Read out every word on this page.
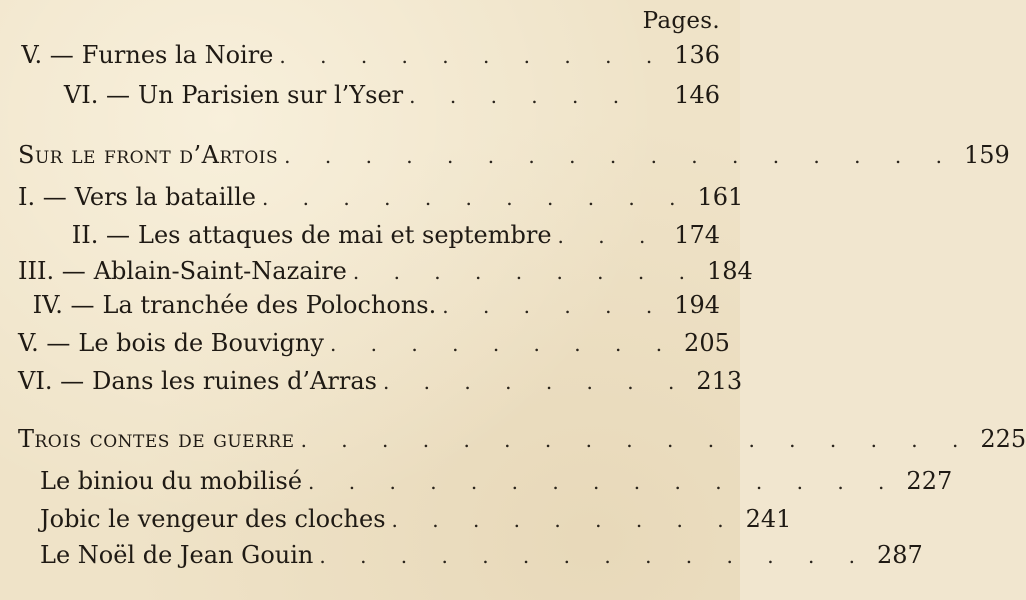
Pages.
V. — Furnes la Noire . . . . . . . . . . 136
VI. — Un Parisien sur l’Yser . . . . . .	146
Sur le front d’Artois . . . . . . . . . . . . . . . . . 159
I. — Vers la bataille . . . . . . . . . . . 161
II. — Les attaques de mai et septembre . . . 174
III. — Ablain-Saint-Nazaire . . . . . . . . . 184
IV. — La tranchée des Polochons. . . . . . . 194
V. — Le bois de Bouvigny . . . . . . . . . 205
VI. — Dans les ruines d’Arras . . . . . . . . 213
Trois contes de guerre . . . . . . . . . . . . . . . . . 225
Le biniou du mobilisé . . . . . . . . . . . . . . . 227
Jobic le vengeur des cloches . . . . . . . . . 241
Le Noël de Jean Gouin . . . . . . . . . . . . . . 287
